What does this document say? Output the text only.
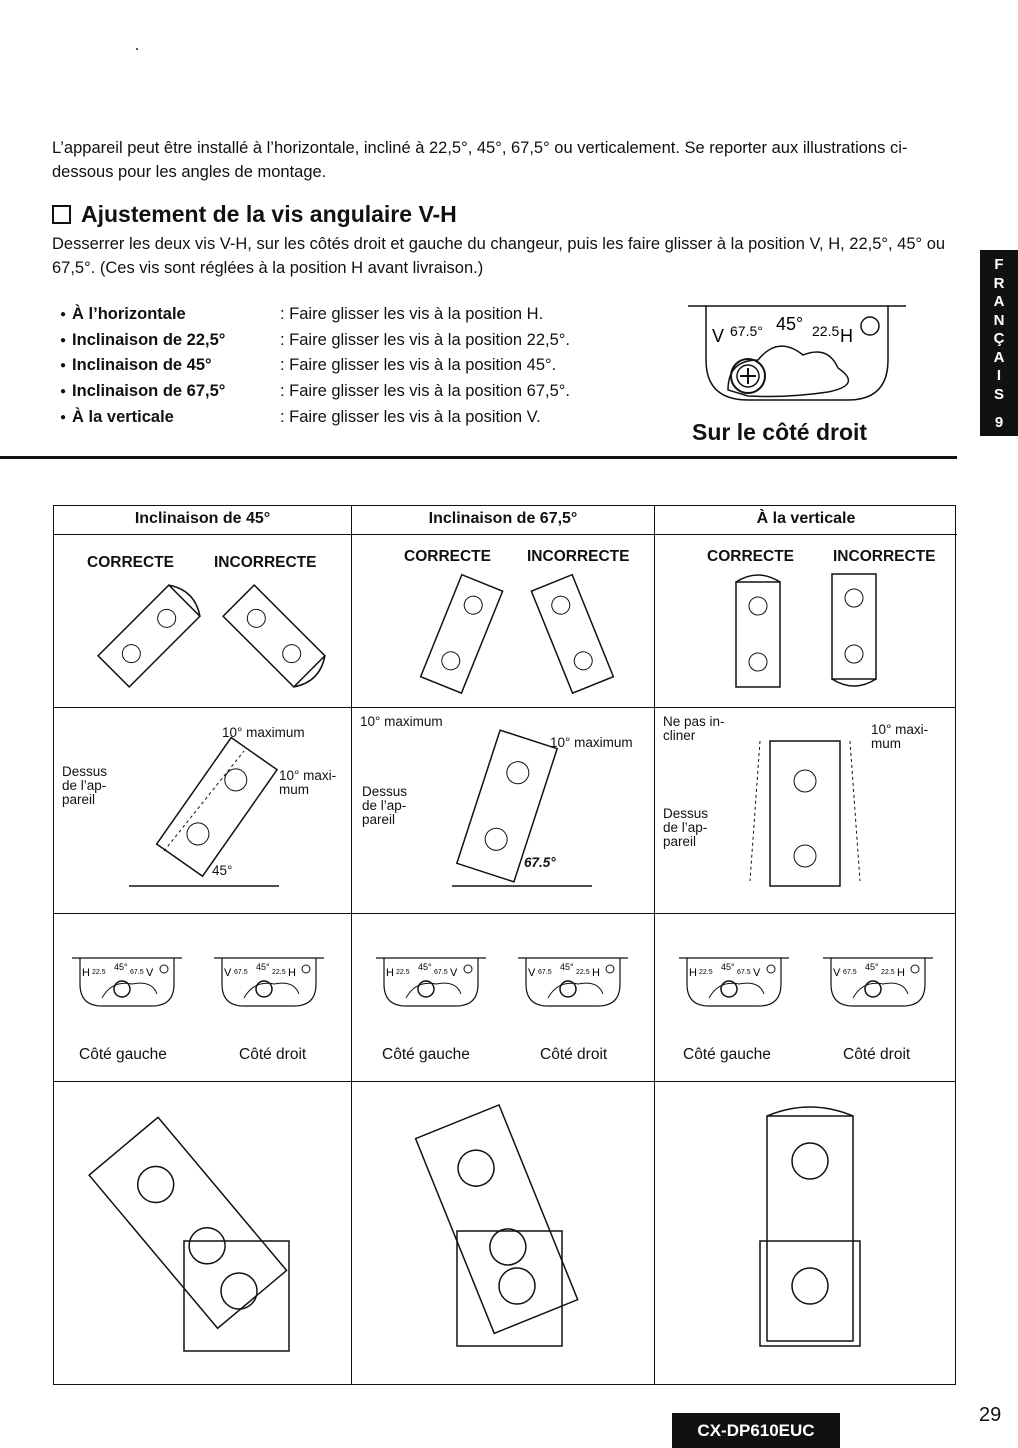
L’appareil peut être installé à l’horizontale, incliné à 22,5°, 45°, 67,5° ou verticalement. Se reporter aux illustrations ci-dessous pour les angles de montage.
Ajustement de la vis angulaire V-H
Desserrer les deux vis V-H, sur les côtés droit et gauche du changeur, puis les faire glisser à la position V, H, 22,5°, 45° ou 67,5°. (Ces vis sont réglées à la position H avant livraison.)
● À l’horizontale	: Faire glisser les vis à la position H.
● Inclinaison de 22,5°	: Faire glisser les vis à la position 22,5°.
● Inclinaison de 45°	: Faire glisser les vis à la position 45°.
● Inclinaison de 67,5°	: Faire glisser les vis à la position 67,5°.
● À la verticale	: Faire glisser les vis à la position V.
V 67.5° 45° 22.5 H
Sur le côté droit
F
R
A
N
Ç
A
I
S
9
Inclinaison de 45°
CORRECTE	INCORRECTE
10° maximum
10° maxi-
mum
Dessus
de l’ap-
pareil
45°
H 22.5
45°
67.5 V	V 67.5
45°
22.5 H
Côté gauche	Côté droit
Inclinaison de 67,5°
CORRECTE INCORRECTE
10° maximum
10° maximum
Dessus
de l’ap-
pareil
67.5°
H 22.5
45°
67.5 V	V 67.5
45°
22.5 H
Côté gauche	Côté droit
À la verticale
CORRECTE	INCORRECTE
Ne pas in-
cliner	10° maxi-
mum
Dessus
de l’ap-
pareil
H 22.5
45°
67.5 V	V 67.5
45°
22.5 H
Côté gauche	Côté droit
CX-DP610EUC
29
